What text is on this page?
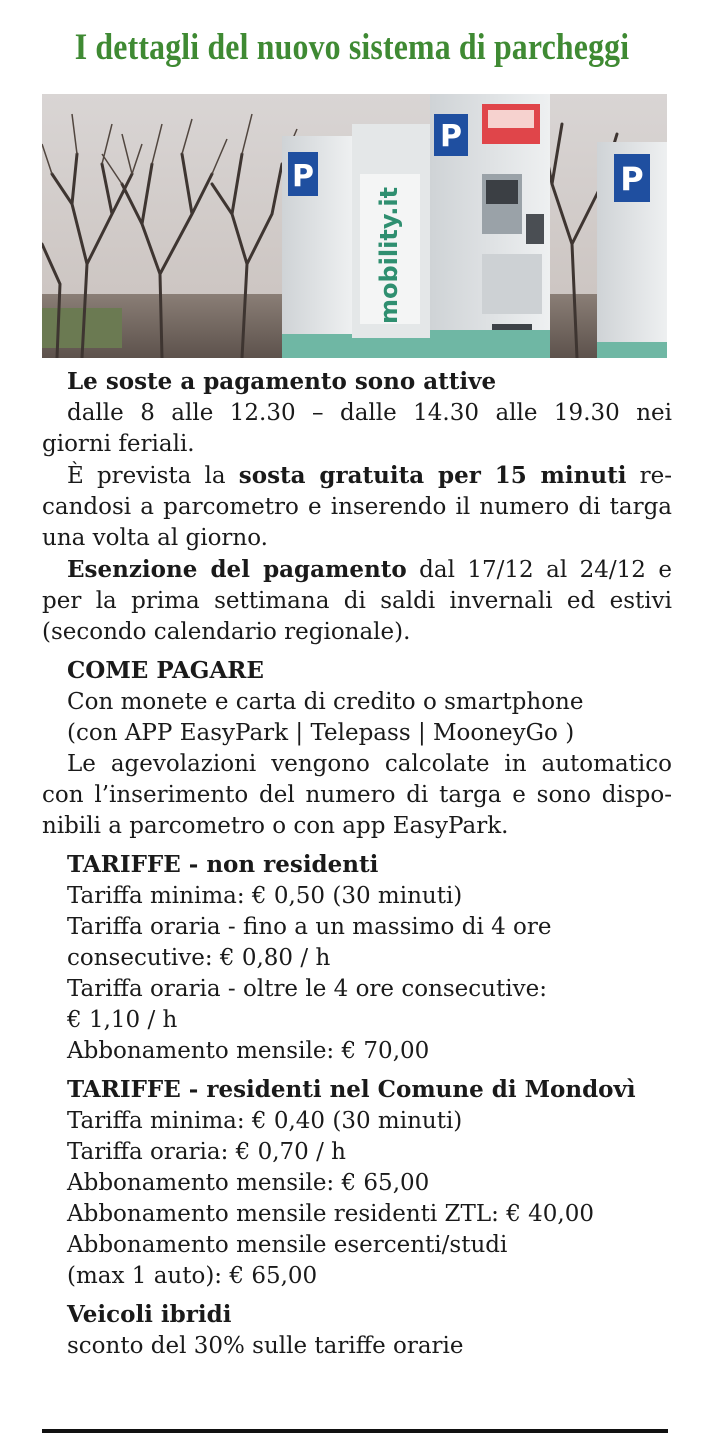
I dettagli del nuovo sistema di parcheggi
P
mobility.it
P
P
Le soste a pagamento sono attive
dalle 8 alle 12.30 – dalle 14.30 alle 19.30 nei
giorni feriali.
È prevista la sosta gratuita per 15 minuti re-
candosi a parcometro e inserendo il numero di targa
una volta al giorno.
Esenzione del pagamento dal 17/12 al 24/12 e
per la prima settimana di saldi invernali ed estivi
(secondo calendario regionale).
COME PAGARE
Con monete e carta di credito o smartphone
(con APP EasyPark | Telepass | MooneyGo )
Le agevolazioni vengono calcolate in automatico
con l’inserimento del numero di targa e sono dispo-
nibili a parcometro o con app EasyPark.
TARIFFE - non residenti
Tariffa minima: € 0,50 (30 minuti)
Tariffa oraria - fino a un massimo di 4 ore
consecutive: € 0,80 / h
Tariffa oraria - oltre le 4 ore consecutive:
€ 1,10 / h
Abbonamento mensile: € 70,00
TARIFFE - residenti nel Comune di Mondovì
Tariffa minima: € 0,40 (30 minuti)
Tariffa oraria: € 0,70 / h
Abbonamento mensile: € 65,00
Abbonamento mensile residenti ZTL: € 40,00
Abbonamento mensile esercenti/studi
(max 1 auto): € 65,00
Veicoli ibridi
sconto del 30% sulle tariffe orarie
